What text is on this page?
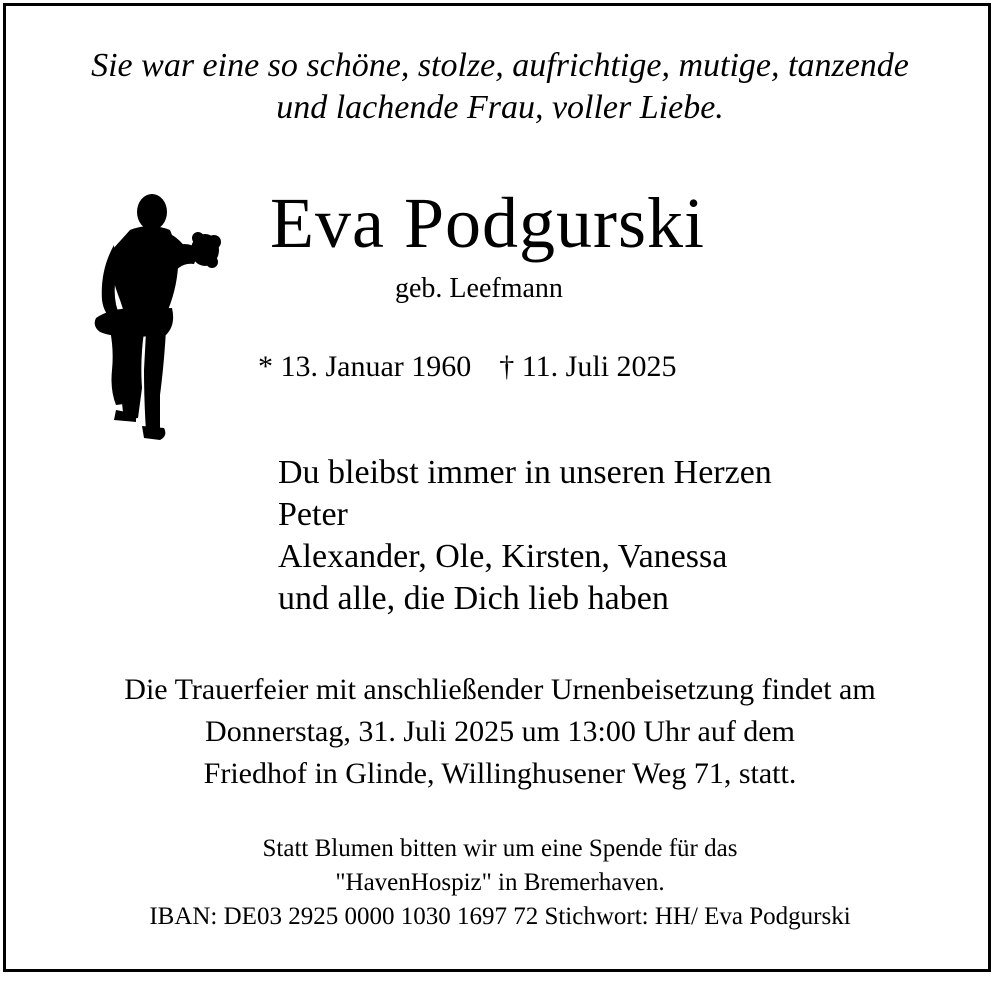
Sie war eine so schöne, stolze, aufrichtige, mutige, tanzende
und lachende Frau, voller Liebe.
Eva Podgurski
geb. Leefmann
* 13. Januar 1960 † 11. Juli 2025
Du bleibst immer in unseren Herzen
Peter
Alexander, Ole, Kirsten, Vanessa
und alle, die Dich lieb haben
Die Trauerfeier mit anschließender Urnenbeisetzung findet am
Donnerstag, 31. Juli 2025 um 13:00 Uhr auf dem
Friedhof in Glinde, Willinghusener Weg 71, statt.
Statt Blumen bitten wir um eine Spende für das
"HavenHospiz" in Bremerhaven.
IBAN: DE03 2925 0000 1030 1697 72 Stichwort: HH/ Eva Podgurski
